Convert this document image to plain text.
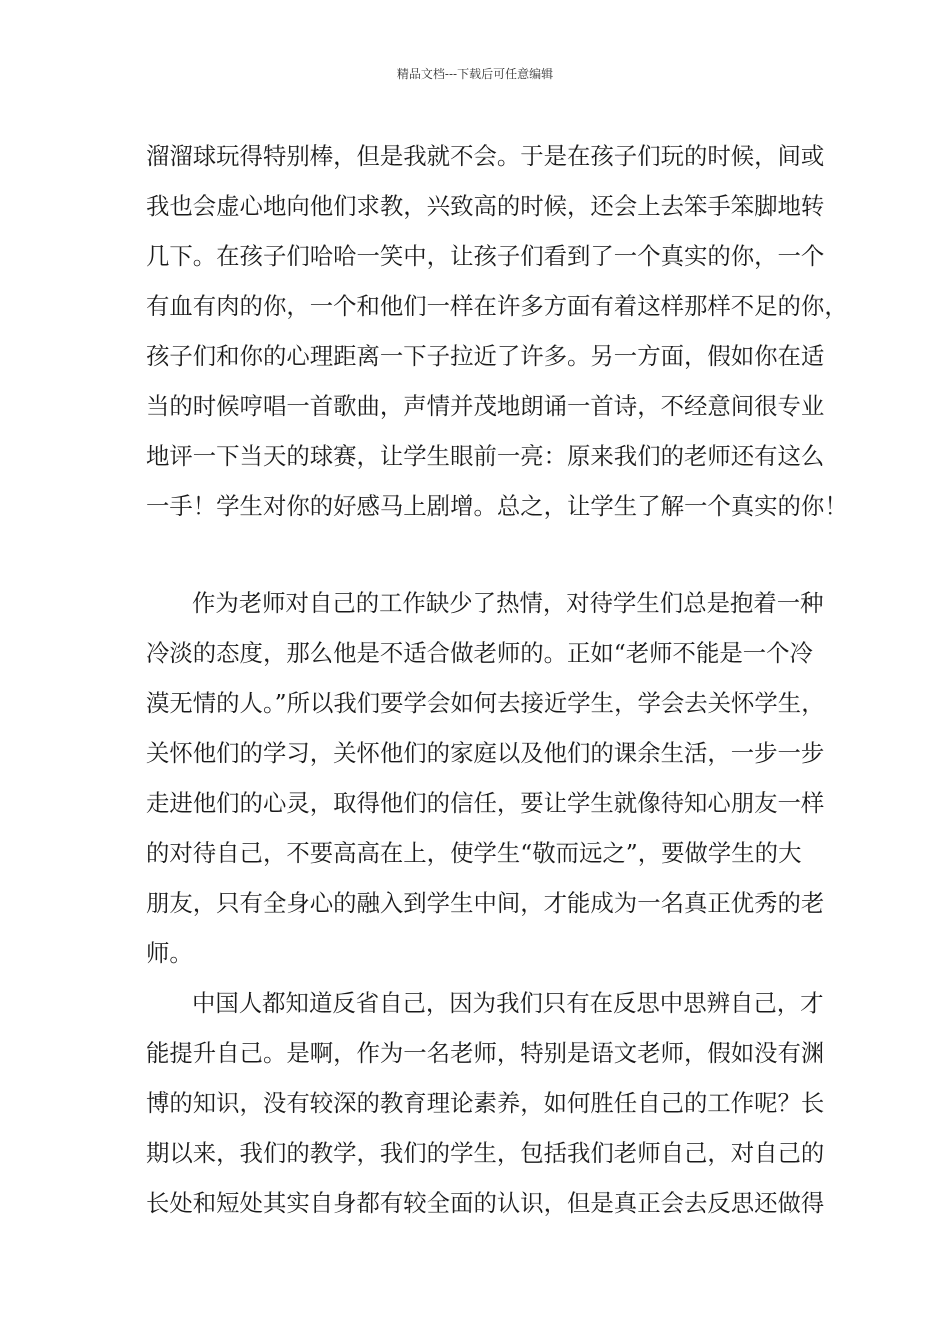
精品文档---下载后可任意编辑
溜溜球玩得特别棒，但是我就不会。于是在孩子们玩的时候，间或
我也会虚心地向他们求教，兴致高的时候，还会上去笨手笨脚地转
几下。在孩子们哈哈一笑中，让孩子们看到了一个真实的你，一个
有血有肉的你，一个和他们一样在许多方面有着这样那样不足的你，
孩子们和你的心理距离一下子拉近了许多。另一方面，假如你在适
当的时候哼唱一首歌曲，声情并茂地朗诵一首诗，不经意间很专业
地评一下当天的球赛，让学生眼前一亮：原来我们的老师还有这么
一手！学生对你的好感马上剧增。总之，让学生了解一个真实的你！
作为老师对自己的工作缺少了热情，对待学生们总是抱着一种
冷淡的态度，那么他是不适合做老师的。正如“老师不能是一个冷
漠无情的人。”所以我们要学会如何去接近学生，学会去关怀学生，
关怀他们的学习，关怀他们的家庭以及他们的课余生活，一步一步
走进他们的心灵，取得他们的信任，要让学生就像待知心朋友一样
的对待自己，不要高高在上，使学生“敬而远之”，要做学生的大
朋友，只有全身心的融入到学生中间，才能成为一名真正优秀的老
师。
中国人都知道反省自己，因为我们只有在反思中思辨自己，才
能提升自己。是啊，作为一名老师，特别是语文老师，假如没有渊
博的知识，没有较深的教育理论素养，如何胜任自己的工作呢？长
期以来，我们的教学，我们的学生，包括我们老师自己，对自己的
长处和短处其实自身都有较全面的认识，但是真正会去反思还做得
